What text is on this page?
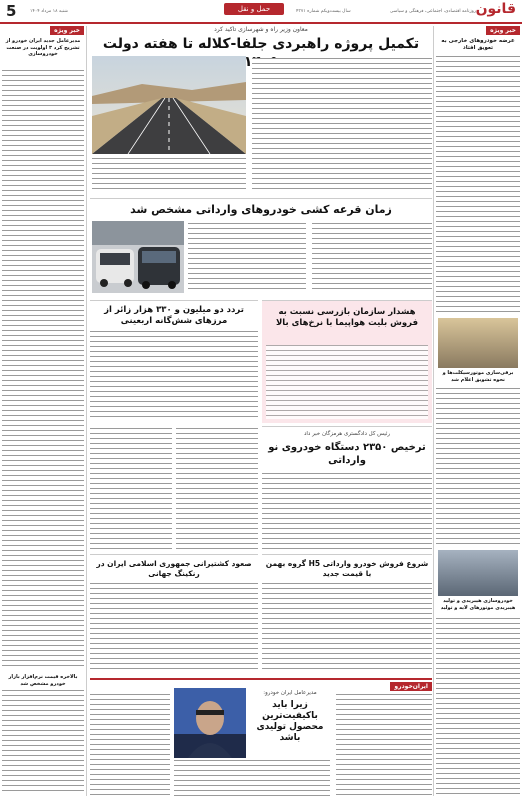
5	حمل و نقل
شنبه ۱۸ مرداد ۱۴۰۴	سال بیست‌ویکم شماره ۴۳۷۱	قانون
روزنامه اقتصادی، اجتماعی، فرهنگی و سیاسی
خبر ویژه
عرضه خودروهای خارجی به تعویق افتاد
برقی‌سازی موتورسیکلت‌ها و نحوه تشویق اعلام شد
خودروسازی هیبریدی و تولید هیبریدی موتورهای لایه و تولید
خبر ویژه
مدیرعامل جدید ایران خودرو از تشریح کرد ۳ اولویت در صنعت خودروسازی
بالاخره قیمت نرم‌افزار بازار خودرو مشخص شد
معاون وزیر راه و شهرسازی تاکید کرد
تکمیل پروژه راهبردی جلفا-کلاله تا هفته دولت
زمان قرعه کشی خودروهای وارداتی مشخص شد
تردد دو میلیون و ۳۳۰ هزار زائر از مرزهای شش‌گانه اربعینی
هشدار سازمان بازرسی نسبت به فروش بلیت هواپیما با نرخ‌های بالا
رئیس کل دادگستری هرمزگان خبر داد
ترخیص ۲۳۵۰ دستگاه خودروی نو وارداتی
صعود کشتیرانی جمهوری اسلامی ایران در رنکینگ جهانی
شروع فروش خودرو وارداتی H5 گروه بهمن با قیمت جدید
ایران‌خودرو
مدیرعامل ایران خودرو:
زیرا باید باکیفیت‌ترین محصول تولیدی باشد
